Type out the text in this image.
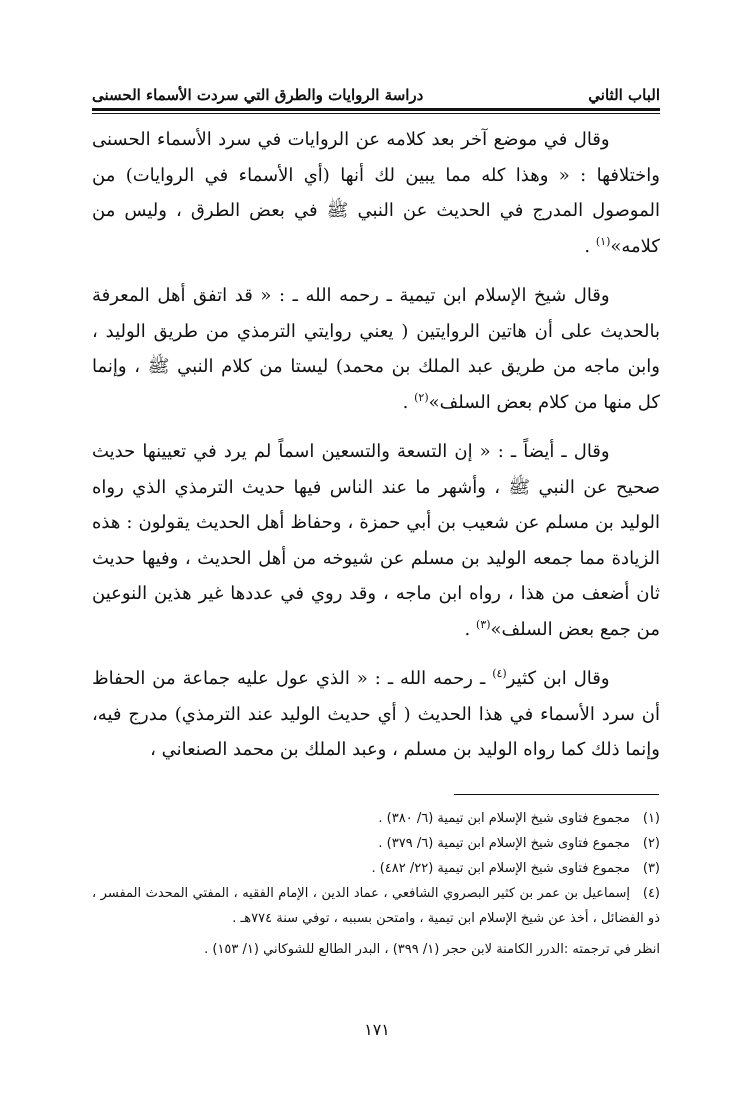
الباب الثاني
دراسة الروايات والطرق التي سردت الأسماء الحسنى

وقال في موضع آخر بعد كلامه عن الروايات في سرد الأسماء الحسنى واختلافها : « وهذا كله مما يبين لك أنها (أي الأسماء في الروايات) من الموصول المدرج في الحديث عن النبي ﷺ في بعض الطرق ، وليس من كلامه»$^{(١)}$ .

وقال شيخ الإسلام ابن تيمية ـ رحمه الله ـ : « قد اتفق أهل المعرفة بالحديث على أن هاتين الروايتين ( يعني روايتي الترمذي من طريق الوليد ، وابن ماجه من طريق عبد الملك بن محمد) ليستا من كلام النبي ﷺ ، وإنما كل منها من كلام بعض السلف»$^{(٢)}$ .

وقال ـ أيضاً ـ : « إن التسعة والتسعين اسماً لم يرد في تعيينها حديث صحيح عن النبي ﷺ ، وأشهر ما عند الناس فيها حديث الترمذي الذي رواه الوليد بن مسلم عن شعيب بن أبي حمزة ، وحفاظ أهل الحديث يقولون : هذه الزيادة مما جمعه الوليد بن مسلم عن شيوخه من أهل الحديث ، وفيها حديث ثان أضعف من هذا ، رواه ابن ماجه ، وقد روي في عددها غير هذين النوعين من جمع بعض السلف»$^{(٣)}$ .

وقال ابن كثير$^{(٤)}$ ـ رحمه الله ـ : « الذي عول عليه جماعة من الحفاظ أن سرد الأسماء في هذا الحديث ( أي حديث الوليد عند الترمذي) مدرج فيه، وإنما ذلك كما رواه الوليد بن مسلم ، وعبد الملك بن محمد الصنعاني ،

(١)مجموع فتاوى شيخ الإسلام ابن تيمية (٦/ ٣٨٠) .

(٢)مجموع فتاوى شيخ الإسلام ابن تيمية (٦/ ٣٧٩) .

(٣)مجموع فتاوى شيخ الإسلام ابن تيمية (٢٢/ ٤٨٢) .

(٤)إسماعيل بن عمر بن كثير البصروي الشافعي ، عماد الدين ، الإمام الفقيه ، المفتي المحدث المفسر ، ذو الفضائل ، أخذ عن شيخ الإسلام ابن تيمية ، وامتحن بسببه ، توفي سنة ٧٧٤هـ .

انظر في ترجمته :الدرر الكامنة لابن حجر (١/ ٣٩٩) ، البدر الطالع للشوكاني (١/ ١٥٣) .

١٧١
